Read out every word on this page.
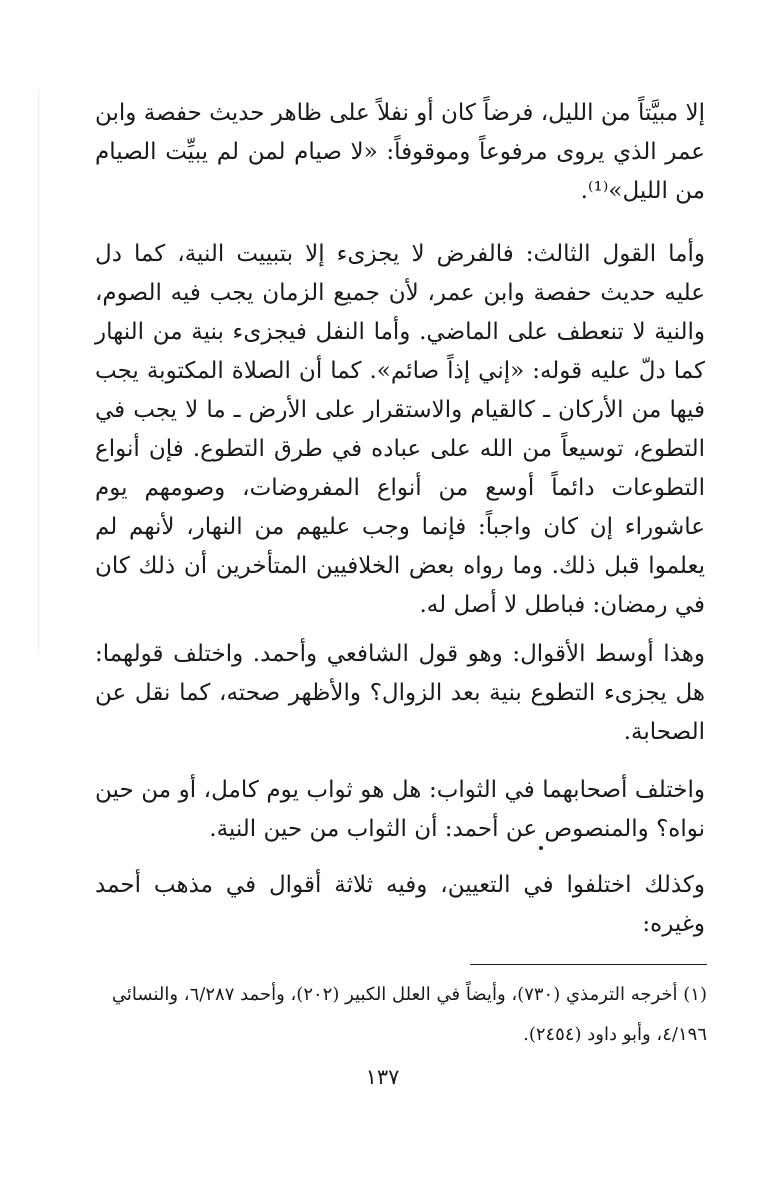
إلا مبيَّتاً من الليل، فرضاً كان أو نفلاً على ظاهر حديث حفصة وابن عمر الذي يروى مرفوعاً وموقوفاً: «لا صيام لمن لم يبيِّت الصيام من الليل»⁽¹⁾.

وأما القول الثالث: فالفرض لا يجزىء إلا بتبييت النية، كما دل عليه حديث حفصة وابن عمر، لأن جميع الزمان يجب فيه الصوم، والنية لا تنعطف على الماضي. وأما النفل فيجزىء بنية من النهار كما دلّ عليه قوله: «إني إذاً صائم». كما أن الصلاة المكتوبة يجب فيها من الأركان ـ كالقيام والاستقرار على الأرض ـ ما لا يجب في التطوع، توسيعاً من الله على عباده في طرق التطوع. فإن أنواع التطوعات دائماً أوسع من أنواع المفروضات، وصومهم يوم عاشوراء إن كان واجباً: فإنما وجب عليهم من النهار، لأنهم لم يعلموا قبل ذلك. وما رواه بعض الخلافيين المتأخرين أن ذلك كان في رمضان: فباطل لا أصل له.

وهذا أوسط الأقوال: وهو قول الشافعي وأحمد. واختلف قولهما: هل يجزىء التطوع بنية بعد الزوال؟ والأظهر صحته، كما نقل عن الصحابة.

واختلف أصحابهما في الثواب: هل هو ثواب يوم كامل، أو من حين نواه؟ والمنصوص عن أحمد: أن الثواب من حين النية.

وكذلك اختلفوا في التعيين، وفيه ثلاثة أقوال في مذهب أحمد وغيره:

(١) أخرجه الترمذي (٧٣٠)، وأيضاً في العلل الكبير (٢٠٢)، وأحمد ٦/٢٨٧، والنسائي ٤/١٩٦، وأبو داود (٢٤٥٤).

١٣٧
